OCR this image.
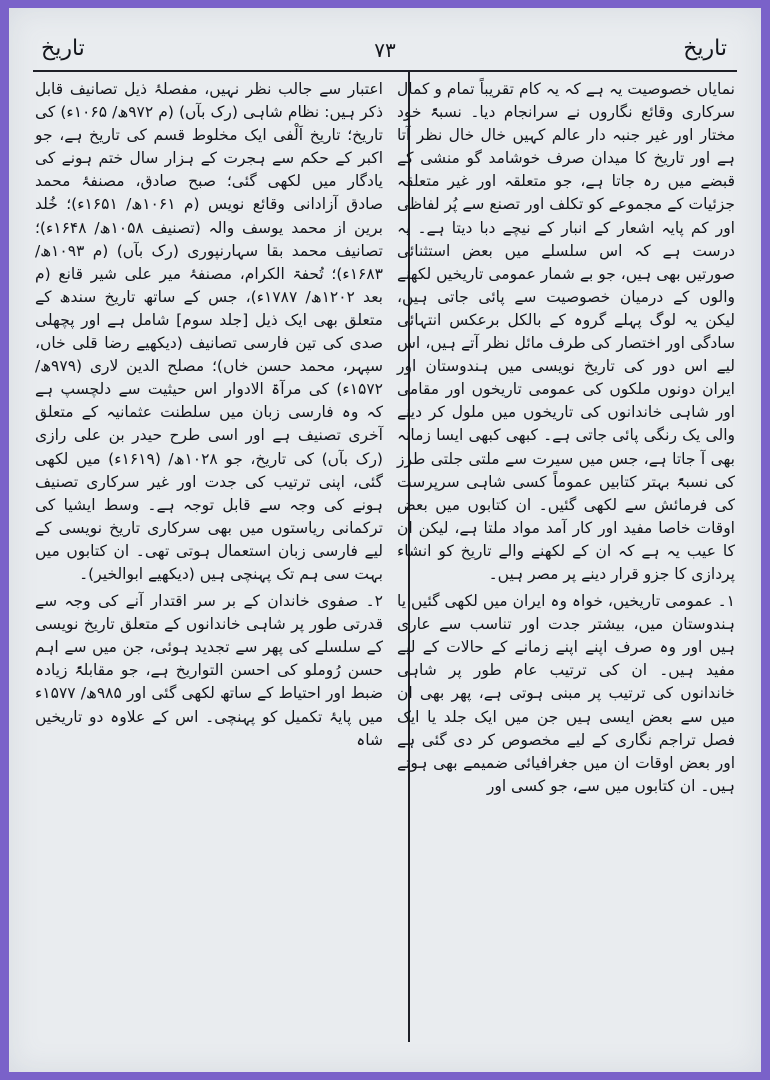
تاریخ
۷۳
تاریخ

نمایاں خصوصیت یہ ہے کہ یہ کام تقریباً تمام و کمال سرکاری وقائع نگاروں نے سرانجام دیا۔ نسبۃً خود مختار اور غیر جنبہ دار عالم کہیں خال خال نظر آتا ہے اور تاریخ کا میدان صرف خوشامد گو منشی کے قبضے میں رہ جاتا ہے، جو متعلقہ اور غیر متعلقہ جزئیات کے مجموعے کو تکلف اور تصنع سے پُر لفاظی اور کم پایہ اشعار کے انبار کے نیچے دبا دیتا ہے۔ یہ درست ہے کہ اس سلسلے میں بعض استثنائی صورتیں بھی ہیں، جو بے شمار عمومی تاریخیں لکھنے والوں کے درمیان خصوصیت سے پائی جاتی ہیں، لیکن یہ لوگ پہلے گروہ کے بالکل برعکس انتہائی سادگی اور اختصار کی طرف مائل نظر آتے ہیں، اس لیے اس دور کی تاریخ نویسی میں ہندوستان اور ایران دونوں ملکوں کی عمومی تاریخوں اور مقامی اور شاہی خاندانوں کی تاریخوں میں ملول کر دینے والی یک رنگی پائی جاتی ہے۔ کبھی کبھی ایسا زمانہ بھی آ جاتا ہے، جس میں سیرت سے ملتی جلتی طرز کی نسبۃً بہتر کتابیں عموماً کسی شاہی سرپرست کی فرمائش سے لکھی گئیں۔ ان کتابوں میں بعض اوقات خاصا مفید اور کار آمد مواد ملتا ہے، لیکن ان کا عیب یہ ہے کہ ان کے لکھنے والے تاریخ کو انشاء پردازی کا جزو قرار دینے پر مصر ہیں۔

۱۔ عمومی تاریخیں، خواہ وہ ایران میں لکھی گئیں یا ہندوستان میں، بیشتر جدت اور تناسب سے عاری ہیں اور وہ صرف اپنے اپنے زمانے کے حالات کے لیے مفید ہیں۔ ان کی ترتیب عام طور پر شاہی خاندانوں کی ترتیب پر مبنی ہوتی ہے، پھر بھی ان میں سے بعض ایسی ہیں جن میں ایک جلد یا ایک فصل تراجم نگاری کے لیے مخصوص کر دی گئی ہے اور بعض اوقات ان میں جغرافیائی ضمیمے بھی ہوتے ہیں۔ ان کتابوں میں سے، جو کسی اور

اعتبار سے جالب نظر نہیں، مفصلۂ ذیل تصانیف قابل ذکر ہیں: نظام شاہی (رک بآں) (م ۹۷۲ھ/ ۱۰۶۵ء) کی تاریخ؛ تاریخ اَلْفی ایک مخلوط قسم کی تاریخ ہے، جو اکبر کے حکم سے ہجرت کے ہزار سال ختم ہونے کی یادگار میں لکھی گئی؛ صبح صادق، مصنفۂ محمد صادق آزادانی وقائع نویس (م ۱۰۶۱ھ/ ۱۶۵۱ء)؛ خُلد برین از محمد یوسف والہ (تصنیف ۱۰۵۸ھ/ ۱۶۴۸ء)؛ تصانیف محمد بقا سہارنپوری (رک بآں) (م ۱۰۹۳ھ/ ۱۶۸۳ء)؛ تُحفۃ الکرام، مصنفۂ میر علی شیر قانع (م بعد ۱۲۰۲ھ/ ۱۷۸۷ء)، جس کے ساتھ تاریخ سندھ کے متعلق بھی ایک ذیل [جلد سوم] شامل ہے اور پچھلی صدی کی تین فارسی تصانیف (دیکھیے رضا قلی خاں، سپہر، محمد حسن خاں)؛ مصلح الدین لاری (۹۷۹ھ/ ۱۵۷۲ء) کی مرآۃ الادوار اس حیثیت سے دلچسپ ہے کہ وہ فارسی زبان میں سلطنت عثمانیہ کے متعلق آخری تصنیف ہے اور اسی طرح حیدر بن علی رازی (رک بآں) کی تاریخ، جو ۱۰۲۸ھ/ (۱۶۱۹ء) میں لکھی گئی، اپنی ترتیب کی جدت اور غیر سرکاری تصنیف ہونے کی وجہ سے قابل توجہ ہے۔ وسط ایشیا کی ترکمانی ریاستوں میں بھی سرکاری تاریخ نویسی کے لیے فارسی زبان استعمال ہوتی تھی۔ ان کتابوں میں بہت سی ہم تک پہنچی ہیں (دیکھیے ابوالخیر)۔

۲۔ صفوی خاندان کے بر سر اقتدار آنے کی وجہ سے قدرتی طور پر شاہی خاندانوں کے متعلق تاریخ نویسی کے سلسلے کی پھر سے تجدید ہوئی، جن میں سے اہم حسن رُوملو کی احسن التواریخ ہے، جو مقابلۃً زیادہ ضبط اور احتیاط کے ساتھ لکھی گئی اور ۹۸۵ھ/ ۱۵۷۷ء میں پایۂ تکمیل کو پہنچی۔ اس کے علاوہ دو تاریخیں شاہ
